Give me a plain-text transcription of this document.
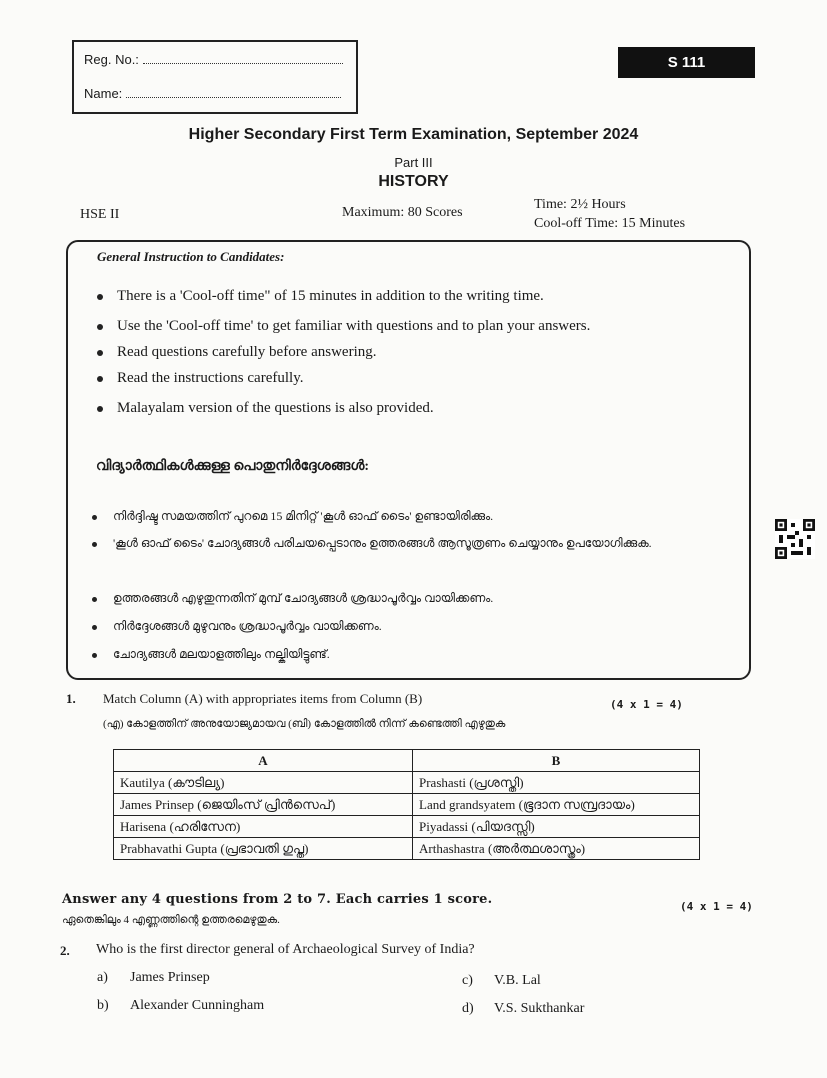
Reg. No.:
Name:
S 111
Higher Secondary First Term Examination, September 2024
Part III
HISTORY
HSE II	Maximum: 80 Scores
Time: 2½ Hours
Cool-off Time: 15 Minutes
General Instruction to Candidates:
There is a 'Cool-off time" of 15 minutes in addition to the writing time.
Use the 'Cool-off time' to get familiar with questions and to plan your answers.
Read questions carefully before answering.
Read the instructions carefully.
Malayalam version of the questions is also provided.
വിദ്യാർത്ഥികൾക്കുള്ള പൊതുനിർദ്ദേശങ്ങൾ:
നിർദ്ദിഷ്ട സമയത്തിന് പുറമെ 15 മിനിറ്റ് 'കൂൾ ഓഫ് ടൈം' ഉണ്ടായിരിക്കും.
'കൂൾ ഓഫ് ടൈം' ചോദ്യങ്ങൾ പരിചയപ്പെടാനും ഉത്തരങ്ങൾ ആസൂത്രണം ചെയ്യാനും ഉപയോഗിക്കുക.
ഉത്തരങ്ങൾ എഴുതുന്നതിന് മുമ്പ് ചോദ്യങ്ങൾ ശ്രദ്ധാപൂർവ്വം വായിക്കണം.
നിർദ്ദേശങ്ങൾ മുഴുവനും ശ്രദ്ധാപൂർവ്വം വായിക്കണം.
ചോദ്യങ്ങൾ മലയാളത്തിലും നല്കിയിട്ടുണ്ട്.
1. Match Column (A) with appropriates items from Column (B)	(4 x 1 = 4)
(എ) കോളത്തിന് അനുയോജ്യമായവ (ബി) കോളത്തിൽ നിന്ന് കണ്ടെത്തി എഴുതുക
A	B
Kautilya (കൗടില്യ)	Prashasti (പ്രശസ്തി)
James Prinsep (ജെയിംസ് പ്രിൻസെപ്)	Land grandsyatem (ഭൂദാന സമ്പ്രദായം)
Harisena (ഹരിസേന)	Piyadassi (പിയദസ്സി)
Prabhavathi Gupta (പ്രഭാവതി ഗുപ്ത)	Arthashastra (അർത്ഥശാസ്ത്രം)
Answer any 4 questions from 2 to 7. Each carries 1 score.	(4 x 1 = 4)
ഏതെങ്കിലും 4 എണ്ണത്തിന്റെ ഉത്തരമെഴുതുക.
2. Who is the first director general of Archaeological Survey of India?
a) James Prinsep
b) Alexander Cunningham
c) V.B. Lal
d) V.S. Sukthankar
